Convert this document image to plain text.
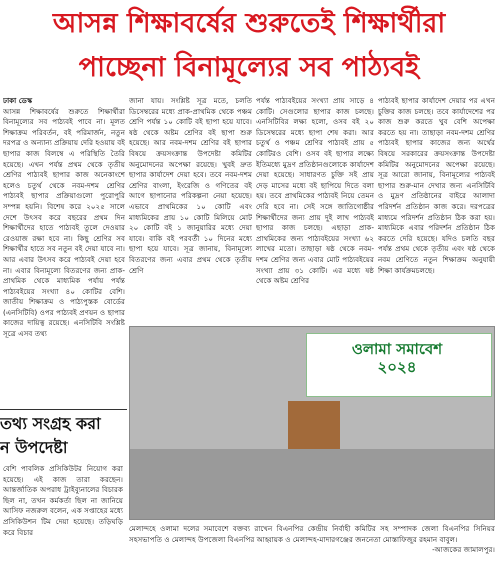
আসন্ন শিক্ষাবর্ষের শুরুতেই শিক্ষার্থীরা
পাচ্ছেনা বিনামূল্যের সব পাঠ্যবই

ঢাকা ডেস্ক

আসন্ন শিক্ষাবর্ষের শুরুতে শিক্ষার্থীরা বিনামূল্যের সব পাঠ্যবই পাবে না। মূলত শিক্ষাক্রম পরিবর্তন, বই পরিমার্জন, নতুন দরপত্র ও অন্যান্য প্রক্রিয়ায় দেরি হওয়ায় বই ছাপার কাজ বিলম্বে এ পরিস্থিতি তৈরি হয়েছে। এখন পর্যন্ত প্রথম থেকে তৃতীয় শ্রেণির পাঠ্যবই ছাপার কাজ অনেকাংশে হলেও চতুর্থ থেকে নবম-দশম শ্রেণির পাঠ্যবই ছাপার প্রক্রিয়াগুলো পুরোপুরি সম্পন্ন হয়নি। বিশেষ করে ২০২৫ সালে দেশে উৎসব করে বছরের প্রথম দিন শিক্ষার্থীদের হাতে পাঠ্যবই তুলে দেওয়ার রেওয়াজ রক্ষা হবে না। কিছু শ্রেণির সব শিক্ষার্থীর হাতে সব নতুন বই দেয়া যাবে না। আর এবার উৎসব করে পাঠ্যবই দেয়া হবে না। এবার বিনামূল্যে বিতরণের জন্য প্রাক-প্রাথমিক থেকে মাধ্যমিক পর্যায় পর্যন্ত পাঠ্যবইয়ের সংখ্যা ৪০ কোটির বেশি। জাতীয় শিক্ষাক্রম ও পাঠ্যপুস্তক বোর্ডের (এনসিটিবি) ওপর পাঠ্যবই প্রণয়ন ও ছাপার কাজের দায়িত্ব রয়েছে। এনসিটিবি সংশ্লিষ্ট সূত্রে এসব তথ্য

জানা যায়। সংশ্লিষ্ট সূত্র মতে, চলতি ডিসেম্বরের মধ্যে প্রাক-প্রাথমিক থেকে পঞ্চম শ্রেণি পর্যন্ত ১০ কোটি বই ছাপা হয়ে যাবে। ষষ্ঠ থেকে অষ্টম শ্রেণির বই ছাপা শুরু হয়েছে। আর নবম-দশম শ্রেণির বই ছাপার বিষয়ে ক্রয়সংক্রান্ত উপদেষ্টা কমিটির অনুমোদনের অপেক্ষা রয়েছে। খুবই দ্রুত ছাপার কার্যাদেশ দেয়া হবে। তবে নবম-দশম শ্রেণির বাংলা, ইংরেজি ও গণিতের বই আগে ছাপানোর পরিকল্পনা নেয়া হয়েছে। এভাবে প্রাথমিকের ১০ কোটি এবং মাধ্যমিকের প্রায় ১০ কোটি মিলিয়ে মোট ২০ কোটি বই ১ জানুয়ারির মধ্যে দেয়া যাবে। বাকি বই পরবর্তী ১০ দিনের মধ্যে ছাপা হয়ে যাবে। সূত্র জানায়, বিনামূল্যে বিতরণের জন্য এবার প্রথম থেকে তৃতীয় শ্রেণি

পর্যন্ত পাঠ্যবইয়ের সংখ্যা প্রায় সাড়ে ৪ কোটি। সেগুলোর ছাপার কাজ চলছে। এনসিটিবির লক্ষ্য হলো, ওসব বই ২০ ডিসেম্বরের মধ্যে ছাপা শেষ করা। আর চতুর্থ ও পঞ্চম শ্রেণির পাঠ্যবই প্রায় ৫ কোটিরও বেশি। ওসব বই ছাপার লক্ষ্যে ইতিমধ্যে মুদ্রণ প্রতিষ্ঠানগুলোকে কার্যাদেশ দেয়া হয়েছে। সাধারণত চুক্তি সই প্রায় দেড় মাসের মধ্যে বই ছাপিয়ে দিতে বলা হয়। তবে প্রাথমিকের পাঠ্যবই নিয়ে তেমন দেরি হবে না। সেই সঙ্গে জাতিগোষ্ঠীর শিক্ষার্থীদের জন্য প্রায় দুই লাখ পাঠ্যবই ছাপার কাজ চলছে। এছাড়া প্রাক-প্রাথমিকের জন্য পাঠ্যবইয়ের সংখ্যা ৬২ লাখের মতো। তাছাড়া ষষ্ঠ থেকে নবম-দশম শ্রেণির জন্য এবার মোট পাঠ্যবইয়ের সংখ্যা প্রায় ৩১ কোটি। এর মধ্যে ষষ্ঠ থেকে অষ্টম শ্রেণির

পাঠ্যবই ছাপার কার্যাদেশ দেয়ার পর এখন চুক্তির কাজ চলছে। তবে কার্যাদেশের পর কাজ শুরু করতে খুব বেশি অপেক্ষা করতে হয় না। তাছাড়া নবম-দশম শ্রেণির পাঠ্যবই ছাপার কাজের জন্য অর্থের বিষয়ে সরকারের ক্রয়সংক্রান্ত উপদেষ্টা কমিটির অনুমোদনের অপেক্ষা রয়েছে। সূত্র আরো জানায়, বিনামূল্যের পাঠ্যবই ছাপার শুরু-মান দেখার জন্য এনসিটিবি ও মুদ্রণ প্রতিষ্ঠানের বাইরে আলাদা পরিদর্শন প্রতিষ্ঠান কাজ করে। দরপত্রের মাধ্যমে পরিদর্শন প্রতিষ্ঠান ঠিক করা হয়। মাধ্যমিকে এবার পরিদর্শন প্রতিষ্ঠান ঠিক করতে দেরি হয়েছে। যদিও চলতি বছর পর্যন্ত প্রথম থেকে তৃতীয় এবং ষষ্ঠ থেকে নবম শ্রেণিতে নতুন শিক্ষাক্রম অনুযায়ী শিক্ষা কার্যক্রমচলছে।

তথ্য সংগ্রহ করা

ন উপদেষ্টা

বেশি পাবলিক প্রসিকিউটর নিয়োগ করা হয়েছে। এই কাজ তারা করছেন। আন্তর্জাতিক অপরাধ ট্রাইব্যুনালের বিচারক ছিল না, তখন কর্মকর্তা ছিল না জানিয়ে আসিফ নজরুল বলেন, এক সপ্তাহের মধ্যে প্রসিকিউশন টিম দেয়া হয়েছে। তড়িঘড়ি করে বিচার
ওলামা সমাবেশ ২০২৪
মেলান্দহে ওলামা দলের সমাবেশে বক্তব্য রাখেন বিএনপির কেন্দ্রীয় নির্বাহী কমিটির সহ সম্পাদক জেলা বিএনপির সিনিয়র সহসভাপতি ও মেলান্দহ উপজেলা বিএনপির আহ্বায়ক ও মেলান্দহ-মাদারগঞ্জের জননেতা মোস্তাফিজুর রহমান বাবুল।
-আজকের জামালপুর।
